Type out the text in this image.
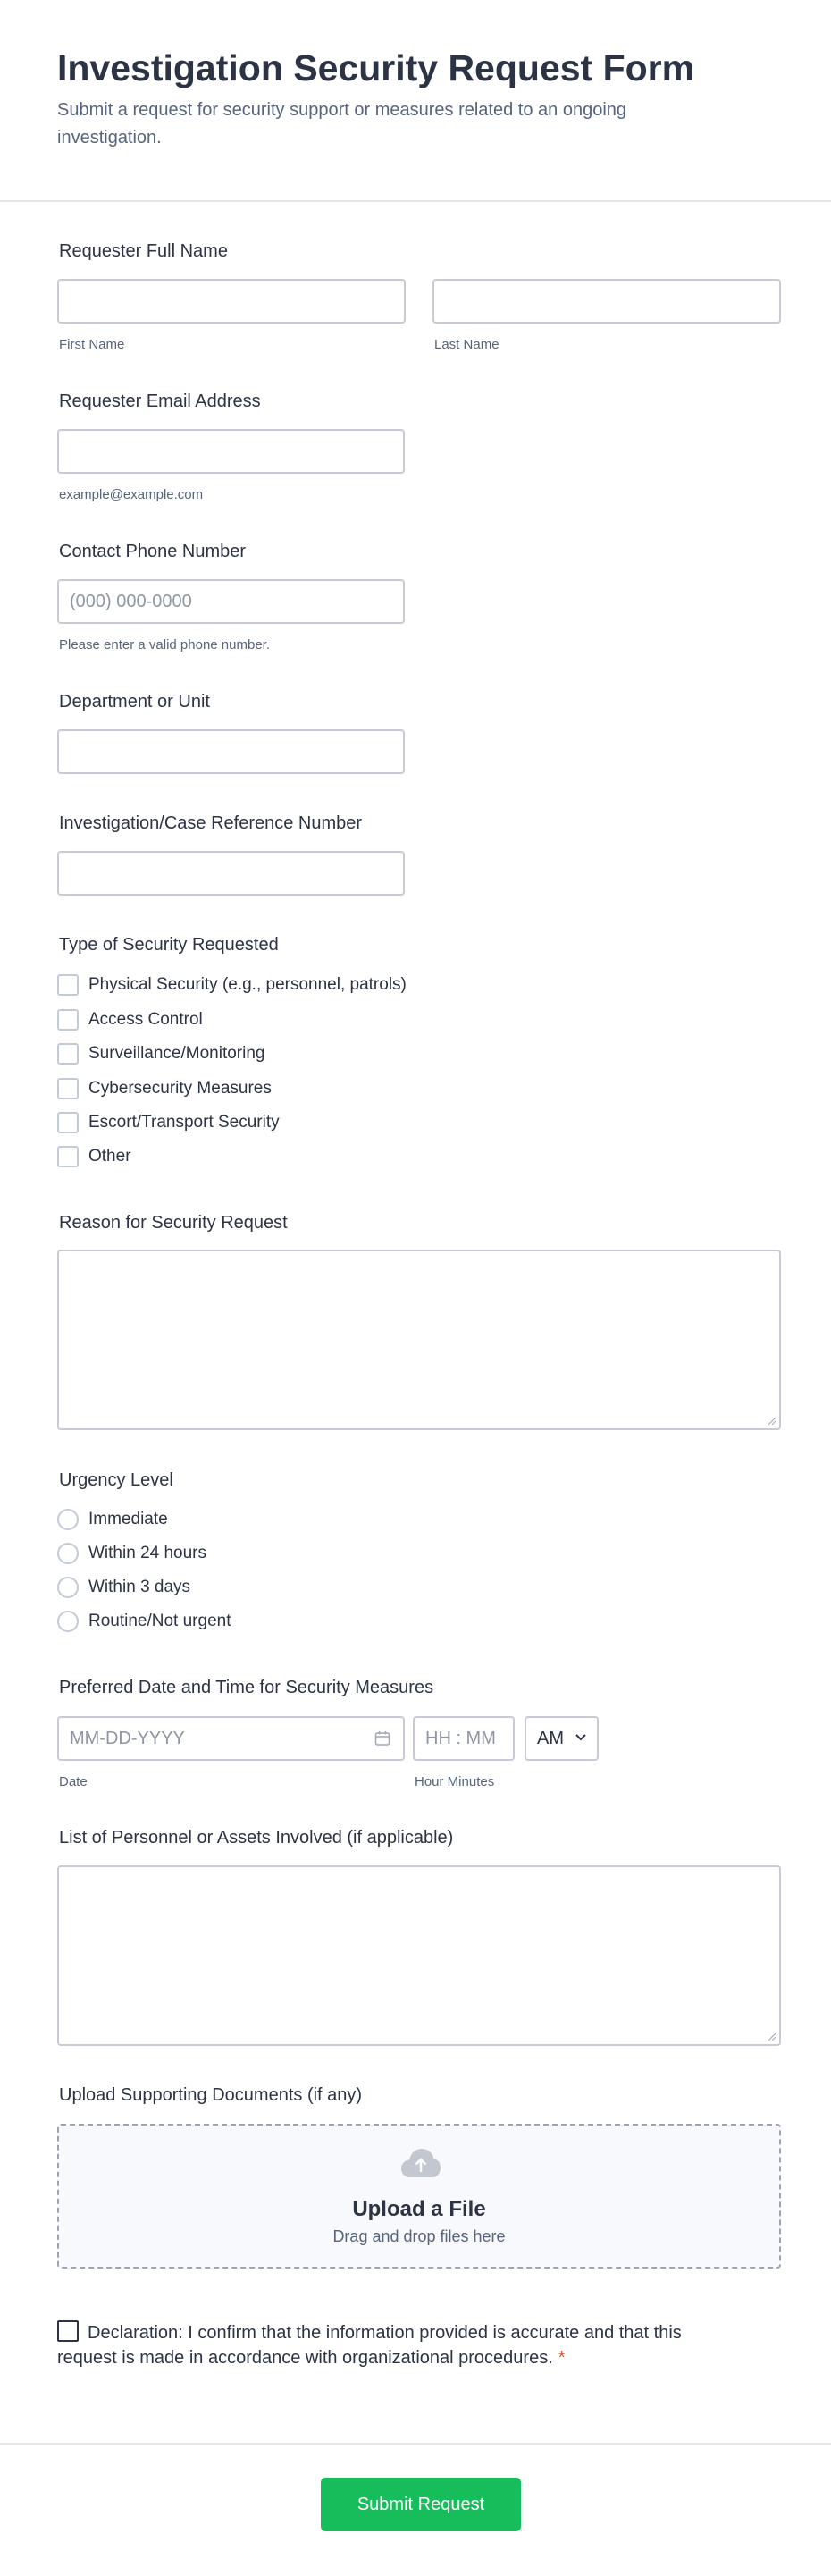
Investigation Security Request Form
Submit a request for security support or measures related to an ongoing investigation.
Requester Full Name
First Name	Last Name
Requester Email Address
example@example.com
Contact Phone Number
(000) 000-0000
Please enter a valid phone number.
Department or Unit
Investigation/Case Reference Number
Type of Security Requested
Physical Security (e.g., personnel, patrols)
Access Control
Surveillance/Monitoring
Cybersecurity Measures
Escort/Transport Security
Other
Reason for Security Request
Urgency Level
Immediate
Within 24 hours
Within 3 days
Routine/Not urgent
Preferred Date and Time for Security Measures
MM-DD-YYYY	HH : MM	AM
Date	Hour Minutes
List of Personnel or Assets Involved (if applicable)
Upload Supporting Documents (if any)
Upload a File
Drag and drop files here
Declaration: I confirm that the information provided is accurate and that this request is made in accordance with organizational procedures. *
Submit Request
